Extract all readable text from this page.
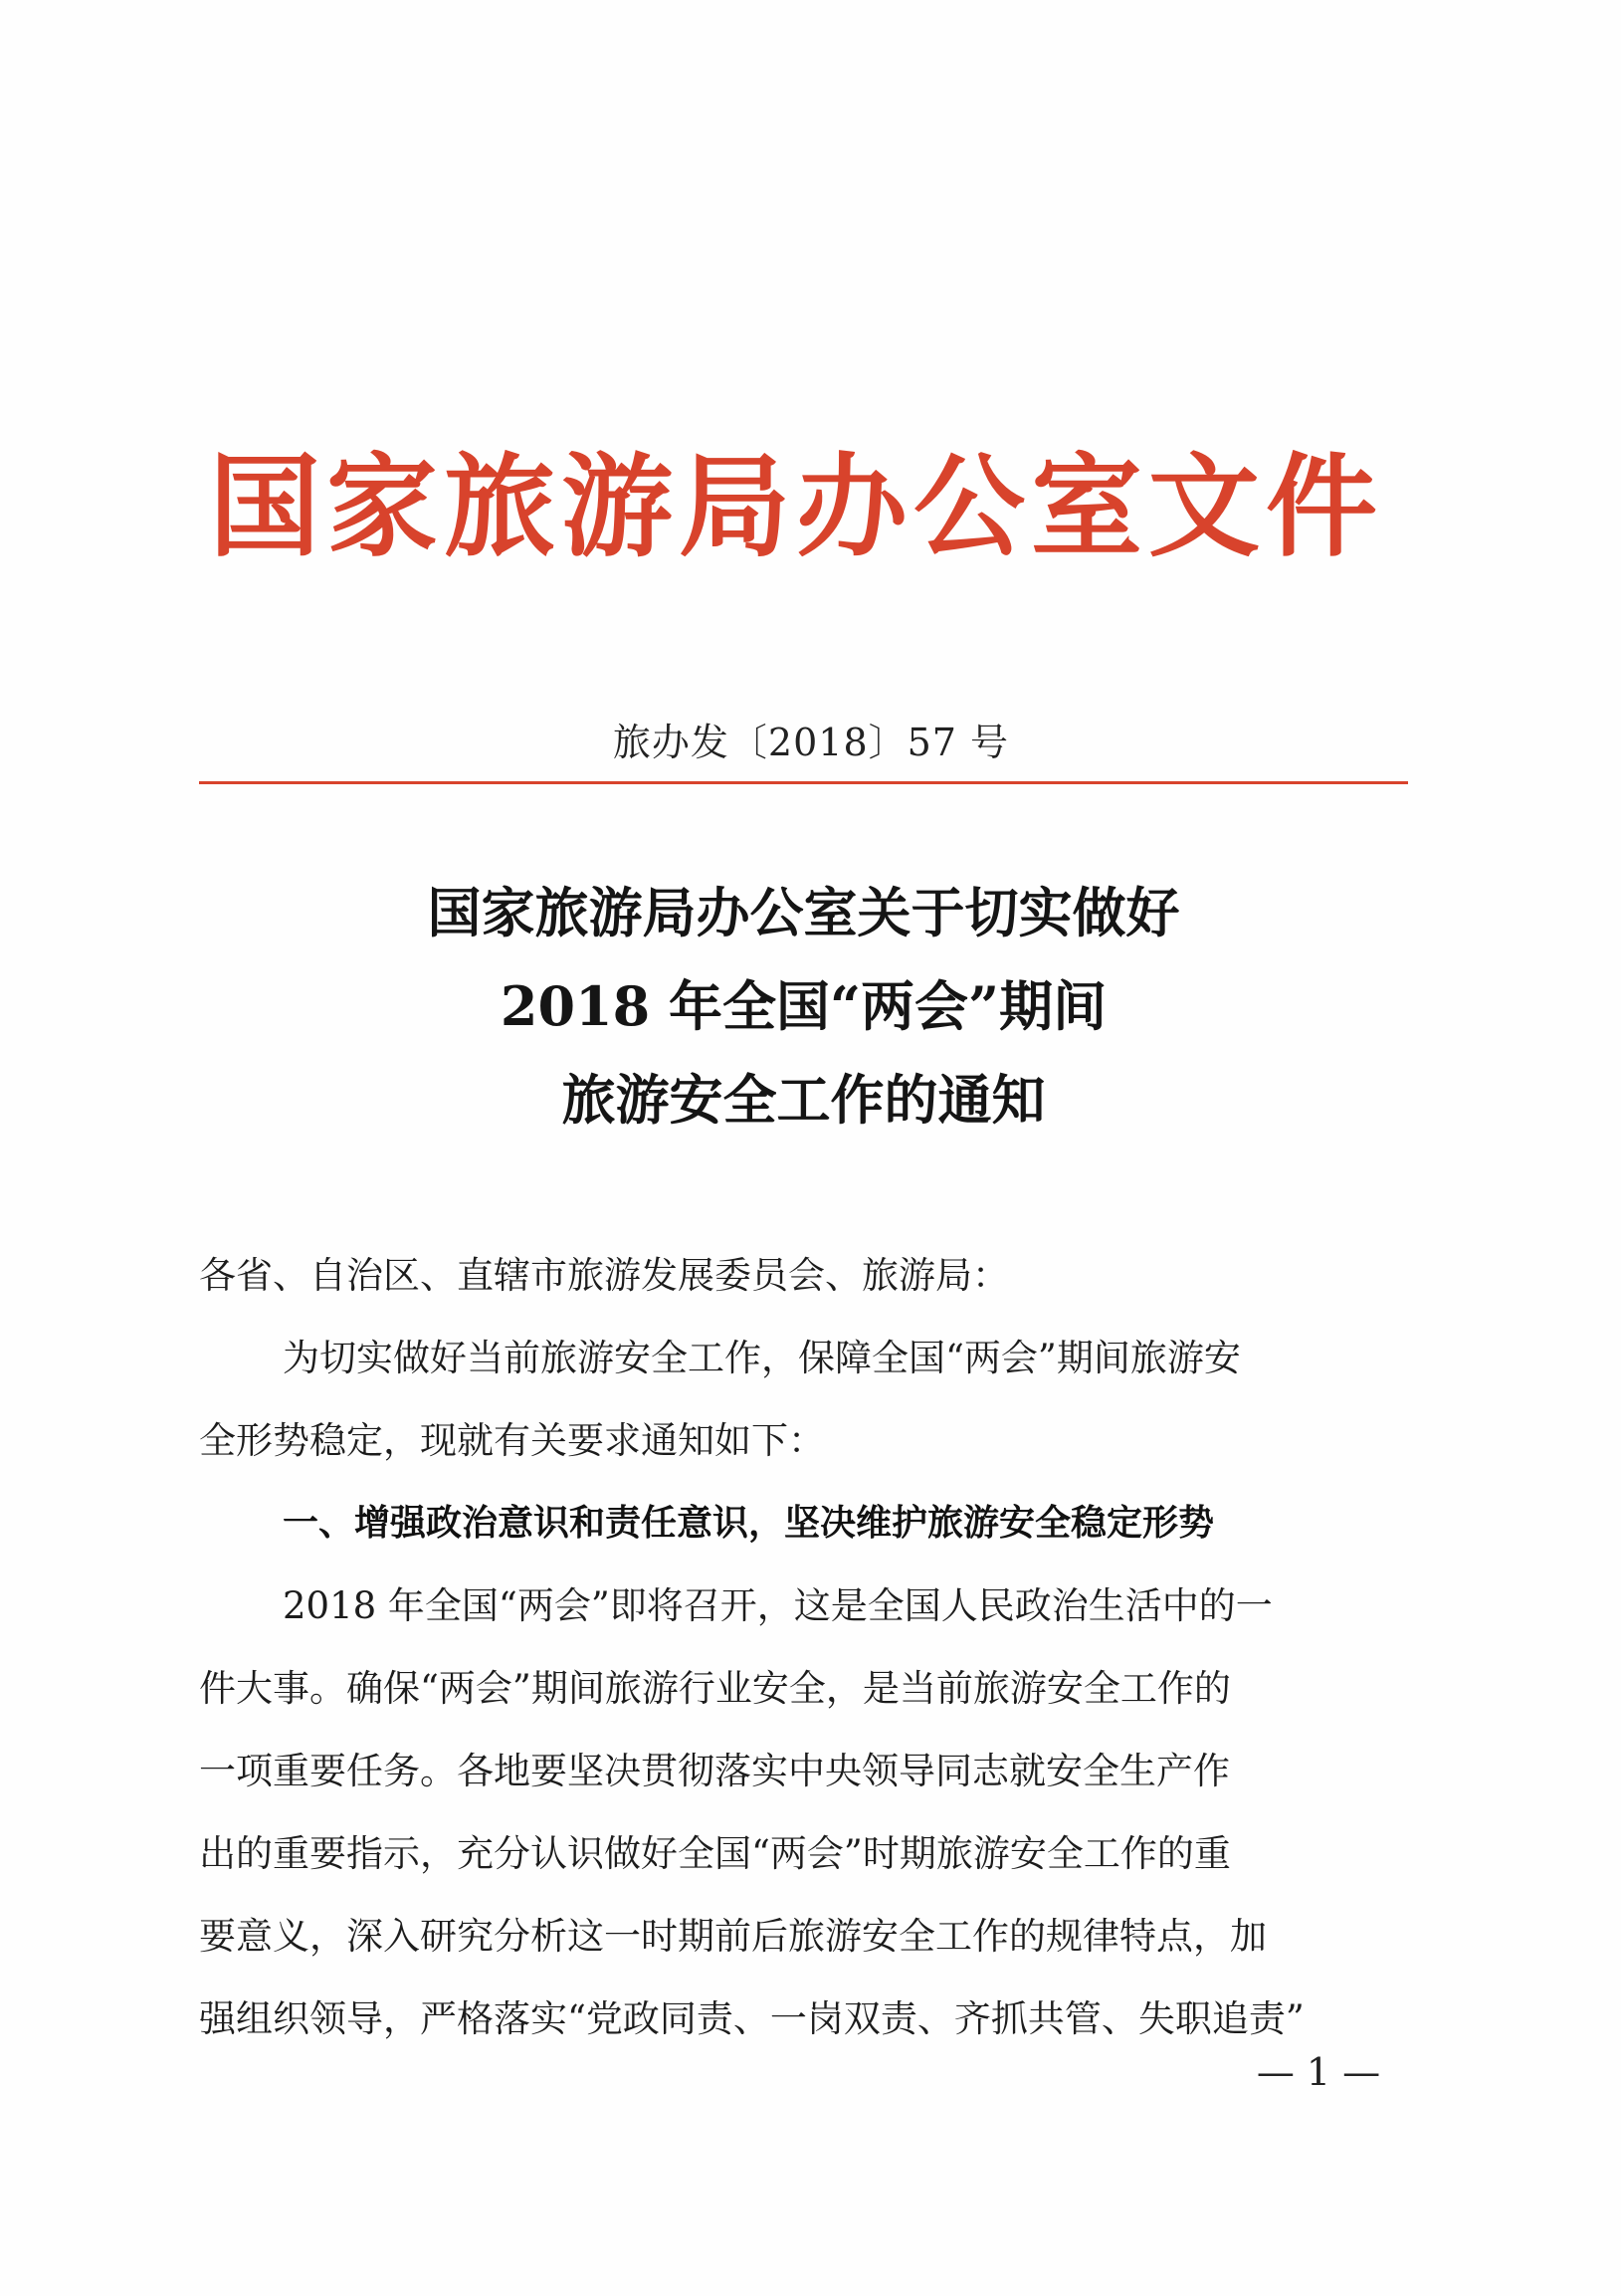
国家旅游局办公室文件
旅办发〔2018〕57 号
国家旅游局办公室关于切实做好
2018 年全国“两会”期间
旅游安全工作的通知
各省、自治区、直辖市旅游发展委员会、旅游局：
为切实做好当前旅游安全工作，保障全国“两会”期间旅游安
全形势稳定，现就有关要求通知如下：
一、增强政治意识和责任意识，坚决维护旅游安全稳定形势
2018 年全国“两会”即将召开，这是全国人民政治生活中的一
件大事。确保“两会”期间旅游行业安全，是当前旅游安全工作的
一项重要任务。各地要坚决贯彻落实中央领导同志就安全生产作
出的重要指示，充分认识做好全国“两会”时期旅游安全工作的重
要意义，深入研究分析这一时期前后旅游安全工作的规律特点，加
强组织领导，严格落实“党政同责、一岗双责、齐抓共管、失职追责”
— 1 —
